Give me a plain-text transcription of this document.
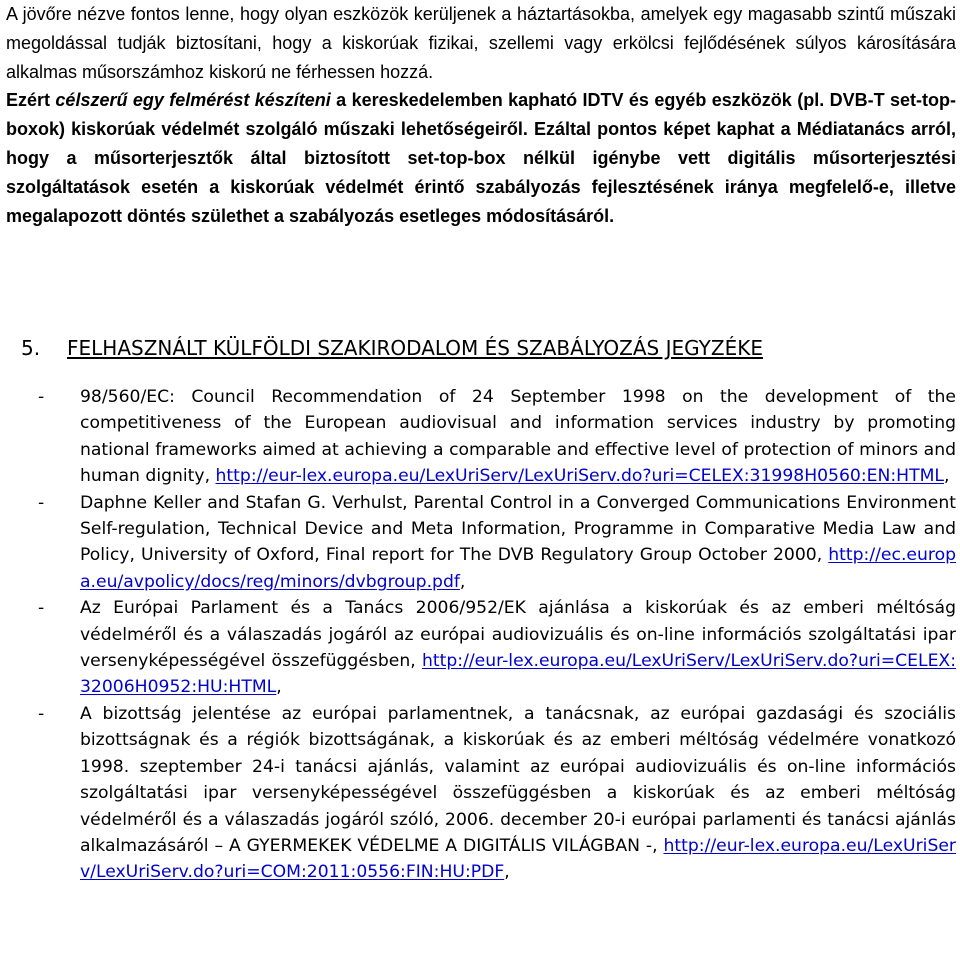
A jövőre nézve fontos lenne, hogy olyan eszközök kerüljenek a háztartásokba, amelyek egy magasabb szintű műszaki megoldással tudják biztosítani, hogy a kiskorúak fizikai, szellemi vagy erkölcsi fejlődésének súlyos károsítására alkalmas műsorszámhoz kiskorú ne férhessen hozzá.

Ezért célszerű egy felmérést készíteni a kereskedelemben kapható IDTV és egyéb eszközök (pl. DVB-T set-top-boxok) kiskorúak védelmét szolgáló műszaki lehetőségeiről. Ezáltal pontos képet kaphat a Médiatanács arról, hogy a műsorterjesztők által biztosított set-top-box nélkül igénybe vett digitális műsorterjesztési szolgáltatások esetén a kiskorúak védelmét érintő szabályozás fejlesztésének iránya megfelelő-e, illetve megalapozott döntés születhet a szabályozás esetleges módosításáról.

5. FELHASZNÁLT KÜLFÖLDI SZAKIRODALOM ÉS SZABÁLYOZÁS JEGYZÉKE

- 98/560/EC: Council Recommendation of 24 September 1998 on the development of the competitiveness of the European audiovisual and information services industry by promoting national frameworks aimed at achieving a comparable and effective level of protection of minors and human dignity, http://eur-lex.europa.eu/LexUriServ/LexUriServ.do?uri=CELEX:31998H0560:EN:HTML,

- Daphne Keller and Stafan G. Verhulst, Parental Control in a Converged Communications Environment Self-regulation, Technical Device and Meta Information, Programme in Comparative Media Law and Policy, University of Oxford, Final report for The DVB Regulatory Group October 2000, http://ec.europa.eu/avpolicy/docs/reg/minors/dvbgroup.pdf,

- Az Európai Parlament és a Tanács 2006/952/EK ajánlása a kiskorúak és az emberi méltóság védelméről és a válaszadás jogáról az európai audiovizuális és on-line információs szolgáltatási ipar versenyképességével összefüggésben, http://eur-lex.europa.eu/LexUriServ/LexUriServ.do?uri=CELEX:32006H0952:HU:HTML,

- A bizottság jelentése az európai parlamentnek, a tanácsnak, az európai gazdasági és szociális bizottságnak és a régiók bizottságának, a kiskorúak és az emberi méltóság védelmére vonatkozó 1998. szeptember 24-i tanácsi ajánlás, valamint az európai audiovizuális és on-line információs szolgáltatási ipar versenyképességével összefüggésben a kiskorúak és az emberi méltóság védelméről és a válaszadás jogáról szóló, 2006. december 20-i európai parlamenti és tanácsi ajánlás alkalmazásáról – A GYERMEKEK VÉDELME A DIGITÁLIS VILÁGBAN -, http://eur-lex.europa.eu/LexUriServ/LexUriServ.do?uri=COM:2011:0556:FIN:HU:PDF,
